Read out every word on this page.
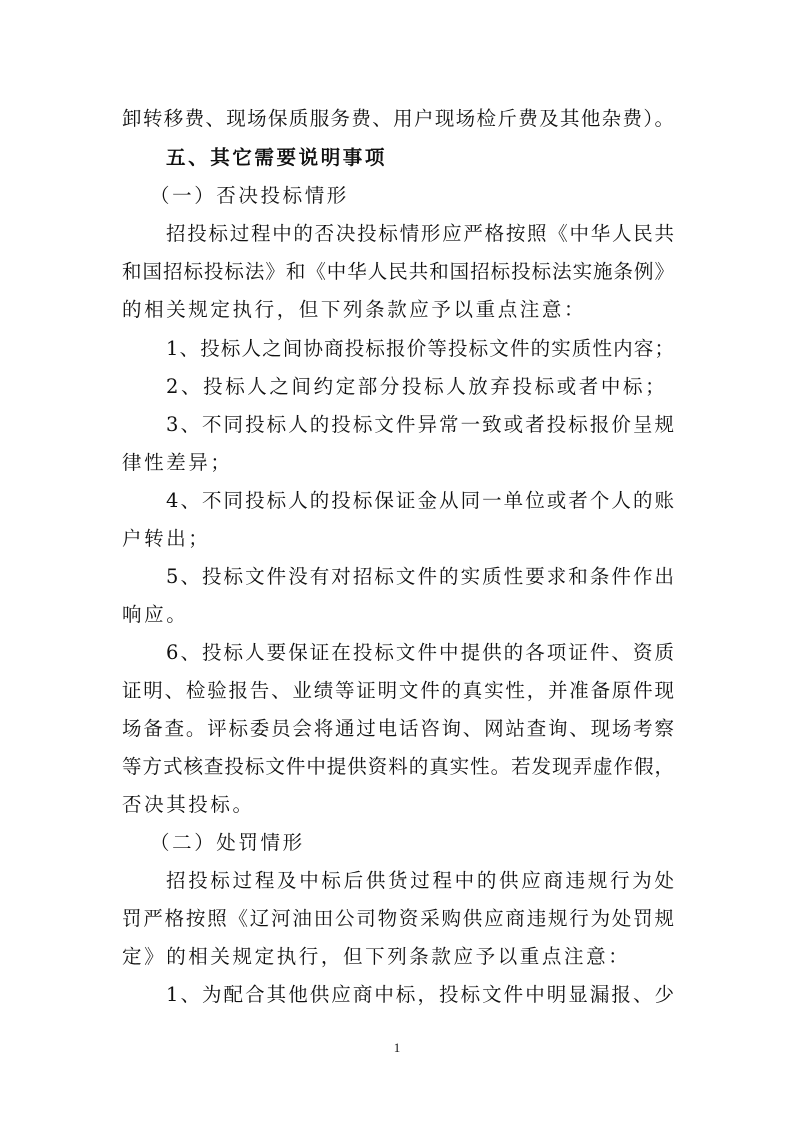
卸转移费、现场保质服务费、用户现场检斤费及其他杂费）。
五、其它需要说明事项
（一）否决投标情形
招投标过程中的否决投标情形应严格按照《中华人民共
和国招标投标法》和《中华人民共和国招标投标法实施条例》
的相关规定执行，但下列条款应予以重点注意：
1、投标人之间协商投标报价等投标文件的实质性内容；
2、投标人之间约定部分投标人放弃投标或者中标；
3、不同投标人的投标文件异常一致或者投标报价呈规
律性差异；
4、不同投标人的投标保证金从同一单位或者个人的账
户转出；
5、投标文件没有对招标文件的实质性要求和条件作出
响应。
6、投标人要保证在投标文件中提供的各项证件、资质
证明、检验报告、业绩等证明文件的真实性，并准备原件现
场备查。评标委员会将通过电话咨询、网站查询、现场考察
等方式核查投标文件中提供资料的真实性。若发现弄虚作假，
否决其投标。
（二）处罚情形
招投标过程及中标后供货过程中的供应商违规行为处
罚严格按照《辽河油田公司物资采购供应商违规行为处罚规
定》的相关规定执行，但下列条款应予以重点注意：
1、为配合其他供应商中标，投标文件中明显漏报、少
1
